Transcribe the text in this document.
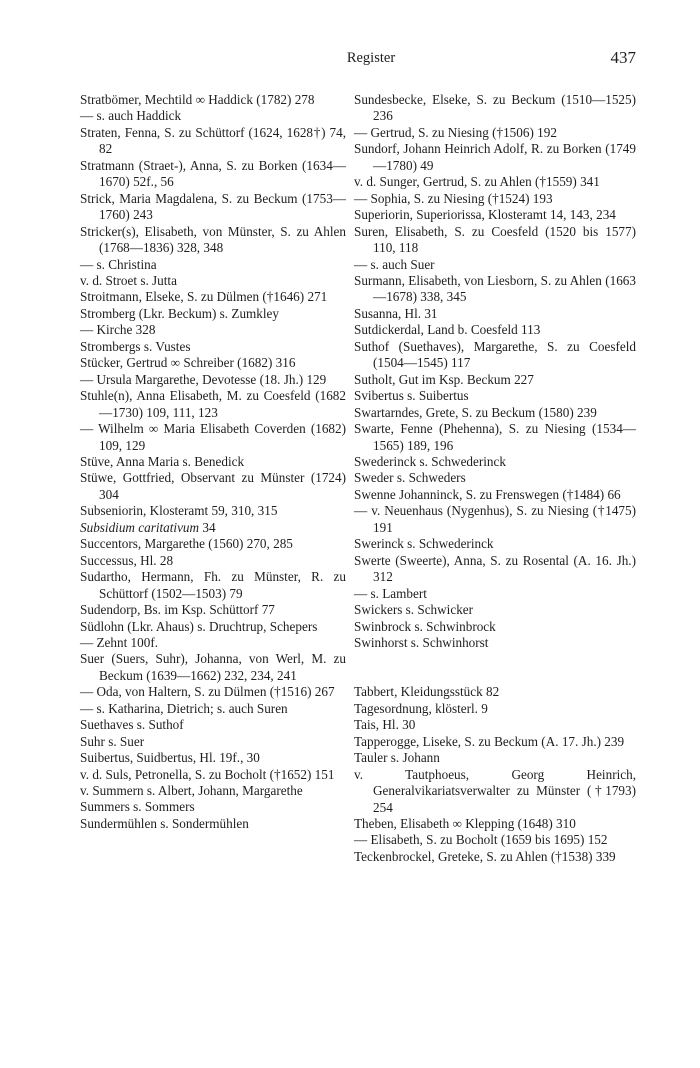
Register	437

Stratbömer, Mechtild ∞ Haddick (1782) 278

— s. auch Haddick

Straten, Fenna, S. zu Schüttorf (1624, 1628†) 74, 82

Stratmann (Straet-), Anna, S. zu Borken (1634—1670) 52f., 56

Strick, Maria Magdalena, S. zu Beckum (1753—1760) 243

Stricker(s), Elisabeth, von Münster, S. zu Ahlen (1768—1836) 328, 348

— s. Christina

v. d. Stroet s. Jutta

Stroitmann, Elseke, S. zu Dülmen (†1646) 271

Stromberg (Lkr. Beckum) s. Zumkley

— Kirche 328

Strombergs s. Vustes

Stücker, Gertrud ∞ Schreiber (1682) 316

— Ursula Margarethe, Devotesse (18. Jh.) 129

Stuhle(n), Anna Elisabeth, M. zu Coesfeld (1682—1730) 109, 111, 123

— Wilhelm ∞ Maria Elisabeth Coverden (1682) 109, 129

Stüve, Anna Maria s. Benedick

Stüwe, Gottfried, Observant zu Münster (1724) 304

Subseniorin, Klosteramt 59, 310, 315

Subsidium caritativum 34

Succentors, Margarethe (1560) 270, 285

Successus, Hl. 28

Sudartho, Hermann, Fh. zu Münster, R. zu Schüttorf (1502—1503) 79

Sudendorp, Bs. im Ksp. Schüttorf 77

Südlohn (Lkr. Ahaus) s. Druchtrup, Schepers

— Zehnt 100f.

Suer (Suers, Suhr), Johanna, von Werl, M. zu Beckum (1639—1662) 232, 234, 241

— Oda, von Haltern, S. zu Dülmen (†1516) 267

— s. Katharina, Dietrich; s. auch Suren

Suethaves s. Suthof

Suhr s. Suer

Suibertus, Suidbertus, Hl. 19f., 30

v. d. Suls, Petronella, S. zu Bocholt (†1652) 151

v. Summern s. Albert, Johann, Margarethe

Summers s. Sommers

Sundermühlen s. Sondermühlen

Sundesbecke, Elseke, S. zu Beckum (1510—1525) 236

— Gertrud, S. zu Niesing (†1506) 192

Sundorf, Johann Heinrich Adolf, R. zu Borken (1749—1780) 49

v. d. Sunger, Gertrud, S. zu Ahlen (†1559) 341

— Sophia, S. zu Niesing (†1524) 193

Superiorin, Superiorissa, Klosteramt 14, 143, 234

Suren, Elisabeth, S. zu Coesfeld (1520 bis 1577) 110, 118

— s. auch Suer

Surmann, Elisabeth, von Liesborn, S. zu Ahlen (1663—1678) 338, 345

Susanna, Hl. 31

Sutdickerdal, Land b. Coesfeld 113

Suthof (Suethaves), Margarethe, S. zu Coesfeld (1504—1545) 117

Sutholt, Gut im Ksp. Beckum 227

Svibertus s. Suibertus

Swartarndes, Grete, S. zu Beckum (1580) 239

Swarte, Fenne (Phehenna), S. zu Niesing (1534—1565) 189, 196

Swederinck s. Schwederinck

Sweder s. Schweders

Swenne Johanninck, S. zu Frenswegen (†1484) 66

— v. Neuenhaus (Nygenhus), S. zu Niesing (†1475) 191

Swerinck s. Schwederinck

Swerte (Sweerte), Anna, S. zu Rosental (A. 16. Jh.) 312

— s. Lambert

Swickers s. Schwicker

Swinbrock s. Schwinbrock

Swinhorst s. Schwinhorst

Tabbert, Kleidungsstück 82

Tagesordnung, klösterl. 9

Tais, Hl. 30

Tapperogge, Liseke, S. zu Beckum (A. 17. Jh.) 239

Tauler s. Johann

v. Tautphoeus, Georg Heinrich, Generalvikariatsverwalter zu Münster (†1793) 254

Theben, Elisabeth ∞ Klepping (1648) 310

— Elisabeth, S. zu Bocholt (1659 bis 1695) 152

Teckenbrockel, Greteke, S. zu Ahlen (†1538) 339
